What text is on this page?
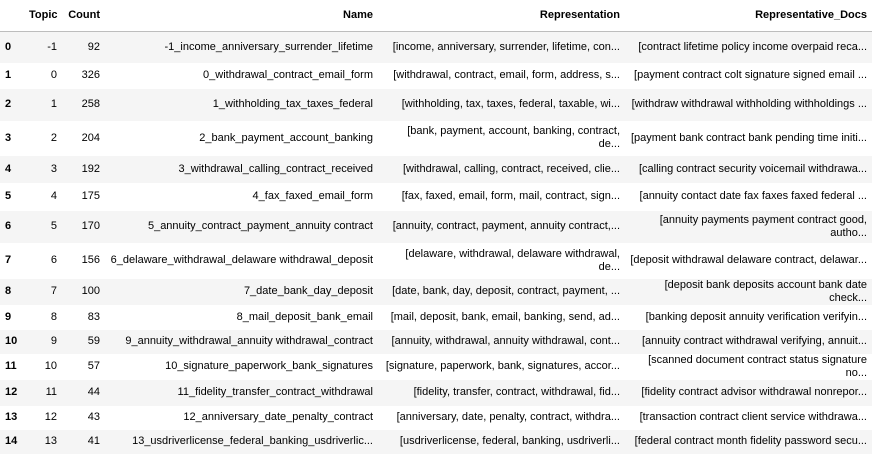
	Topic	Count	Name	Representation	Representative_Docs
0	-1	92	-1_income_anniversary_surrender_lifetime	[income, anniversary, surrender, lifetime, con...	[contract lifetime policy income overpaid reca...
1	0	326	0_withdrawal_contract_email_form	[withdrawal, contract, email, form, address, s...	[payment contract colt signature signed email ...
2	1	258	1_withholding_tax_taxes_federal	[withholding, tax, taxes, federal, taxable, wi...	[withdraw withdrawal withholding withholdings ...
3	2	204	2_bank_payment_account_banking	[bank, payment, account, banking, contract, de...	[payment bank contract bank pending time initi...
4	3	192	3_withdrawal_calling_contract_received	[withdrawal, calling, contract, received, clie...	[calling contract security voicemail withdrawa...
5	4	175	4_fax_faxed_email_form	[fax, faxed, email, form, mail, contract, sign...	[annuity contact date fax faxes faxed federal ...
6	5	170	5_annuity_contract_payment_annuity contract	[annuity, contract, payment, annuity contract,...	[annuity payments payment contract good, autho...
7	6	156	6_delaware_withdrawal_delaware withdrawal_deposit	[delaware, withdrawal, delaware withdrawal, de...	[deposit withdrawal delaware contract, delawar...
8	7	100	7_date_bank_day_deposit	[date, bank, day, deposit, contract, payment, ...	[deposit bank deposits account bank date check...
9	8	83	8_mail_deposit_bank_email	[mail, deposit, bank, email, banking, send, ad...	[banking deposit annuity verification verifyin...
10	9	59	9_annuity_withdrawal_annuity withdrawal_contract	[annuity, withdrawal, annuity withdrawal, cont...	[annuity contract withdrawal verifying, annuit...
11	10	57	10_signature_paperwork_bank_signatures	[signature, paperwork, bank, signatures, accor...	[scanned document contract status signature no...
12	11	44	11_fidelity_transfer_contract_withdrawal	[fidelity, transfer, contract, withdrawal, fid...	[fidelity contract advisor withdrawal nonrepor...
13	12	43	12_anniversary_date_penalty_contract	[anniversary, date, penalty, contract, withdra...	[transaction contract client service withdrawa...
14	13	41	13_usdriverlicense_federal_banking_usdriverlic...	[usdriverlicense, federal, banking, usdriverli...	[federal contract month fidelity password secu...
